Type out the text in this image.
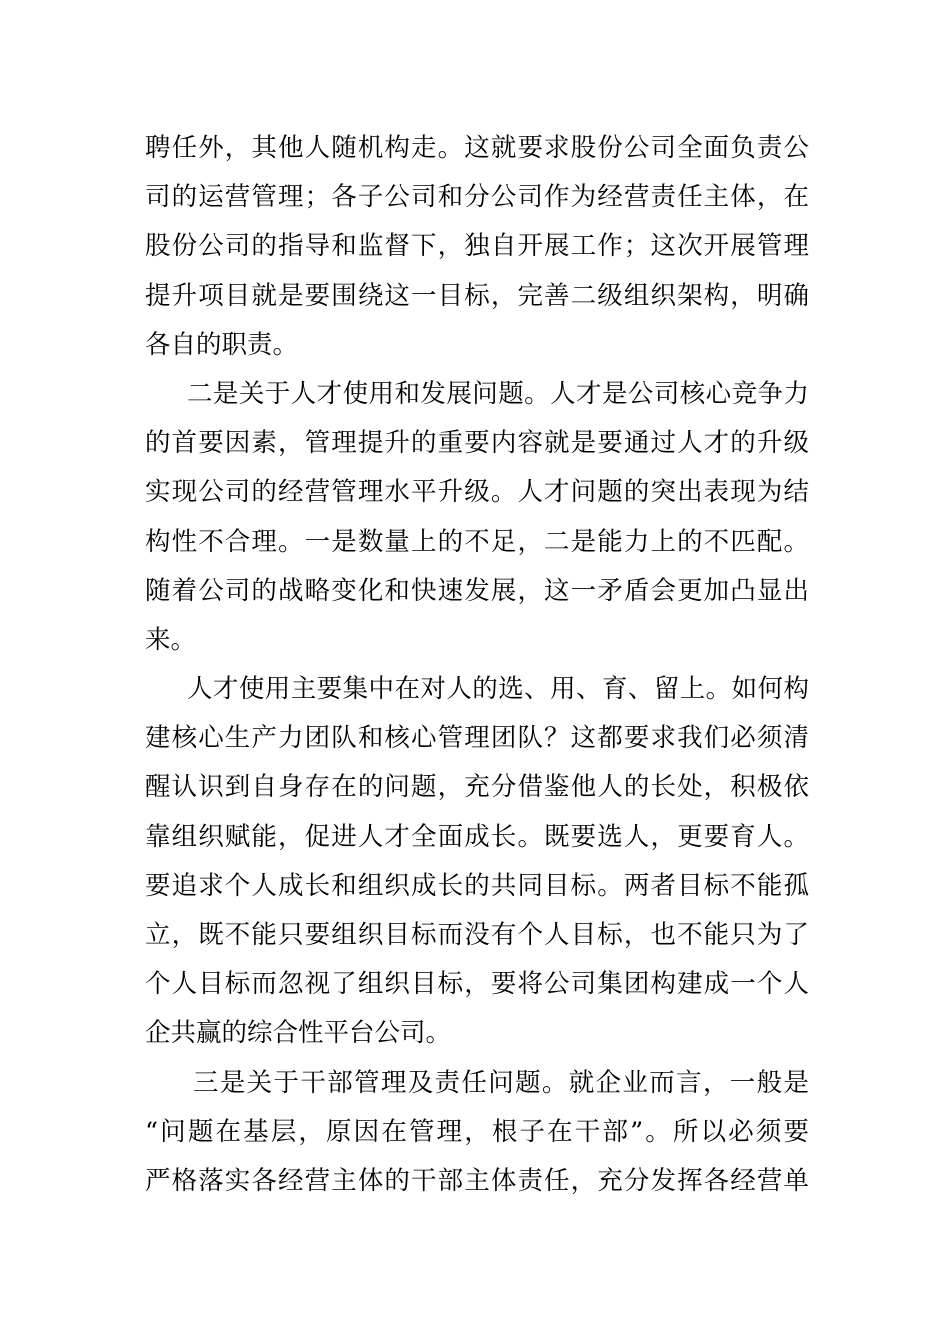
聘任外，其他人随机构走。这就要求股份公司全面负责公
司的运营管理；各子公司和分公司作为经营责任主体，在
股份公司的指导和监督下，独自开展工作；这次开展管理
提升项目就是要围绕这一目标，完善二级组织架构，明确
各自的职责。
二是关于人才使用和发展问题。人才是公司核心竞争力
的首要因素，管理提升的重要内容就是要通过人才的升级
实现公司的经营管理水平升级。人才问题的突出表现为结
构性不合理。一是数量上的不足，二是能力上的不匹配。
随着公司的战略变化和快速发展，这一矛盾会更加凸显出
来。
人才使用主要集中在对人的选、用、育、留上。如何构
建核心生产力团队和核心管理团队？这都要求我们必须清
醒认识到自身存在的问题，充分借鉴他人的长处，积极依
靠组织赋能，促进人才全面成长。既要选人，更要育人。
要追求个人成长和组织成长的共同目标。两者目标不能孤
立，既不能只要组织目标而没有个人目标，也不能只为了
个人目标而忽视了组织目标，要将公司集团构建成一个人
企共赢的综合性平台公司。
三是关于干部管理及责任问题。就企业而言，一般是
“问题在基层，原因在管理，根子在干部”。所以必须要
严格落实各经营主体的干部主体责任，充分发挥各经营单
